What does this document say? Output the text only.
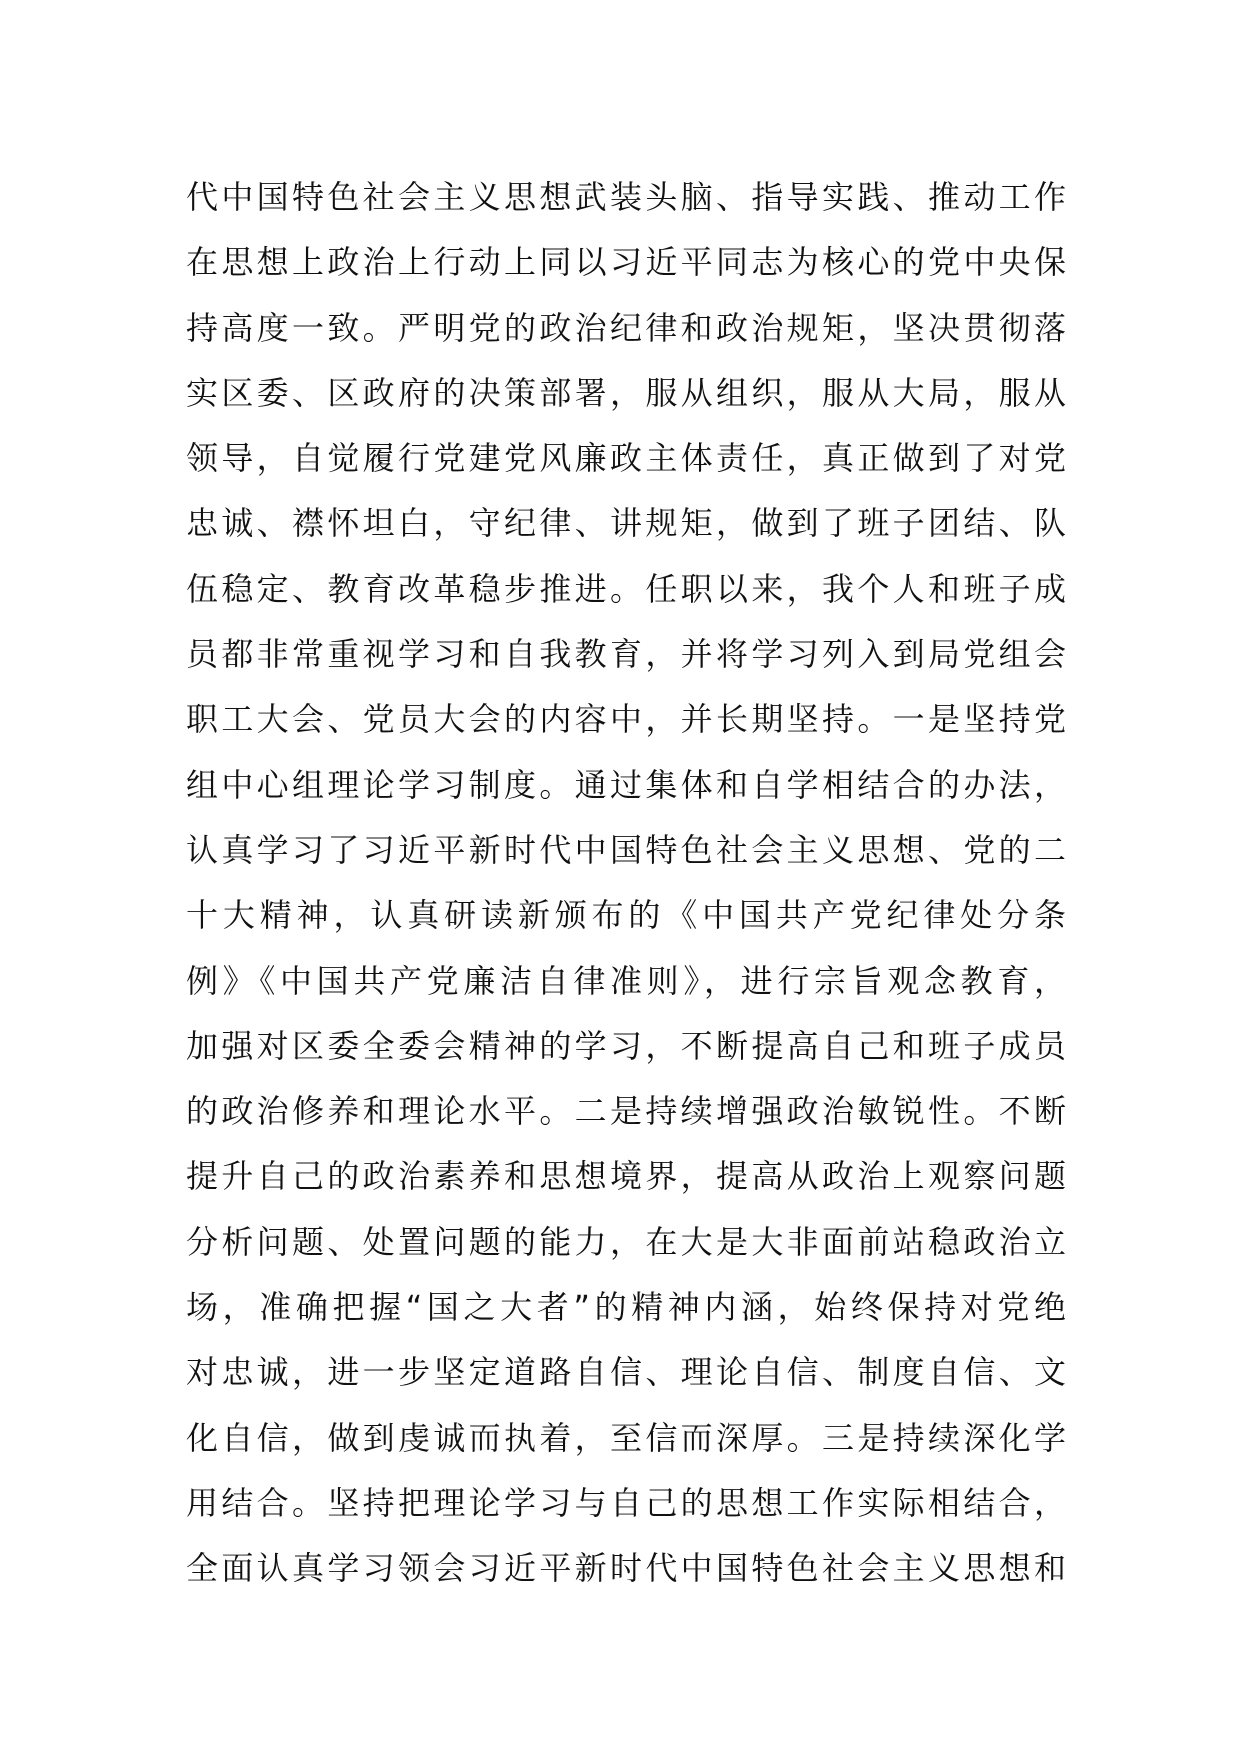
代中国特色社会主义思想武装头脑、指导实践、推动工作
在思想上政治上行动上同以习近平同志为核心的党中央保
持高度一致。严明党的政治纪律和政治规矩，坚决贯彻落
实区委、区政府的决策部署，服从组织，服从大局，服从
领导，自觉履行党建党风廉政主体责任，真正做到了对党
忠诚、襟怀坦白，守纪律、讲规矩，做到了班子团结、队
伍稳定、教育改革稳步推进。任职以来，我个人和班子成
员都非常重视学习和自我教育，并将学习列入到局党组会
职工大会、党员大会的内容中，并长期坚持。一是坚持党
组中心组理论学习制度。通过集体和自学相结合的办法，
认真学习了习近平新时代中国特色社会主义思想、党的二
十大精神，认真研读新颁布的《中国共产党纪律处分条
例》《中国共产党廉洁自律准则》，进行宗旨观念教育，
加强对区委全委会精神的学习，不断提高自己和班子成员
的政治修养和理论水平。二是持续增强政治敏锐性。不断
提升自己的政治素养和思想境界，提高从政治上观察问题
分析问题、处置问题的能力，在大是大非面前站稳政治立
场，准确把握“国之大者”的精神内涵，始终保持对党绝
对忠诚，进一步坚定道路自信、理论自信、制度自信、文
化自信，做到虔诚而执着，至信而深厚。三是持续深化学
用结合。坚持把理论学习与自己的思想工作实际相结合，
全面认真学习领会习近平新时代中国特色社会主义思想和
